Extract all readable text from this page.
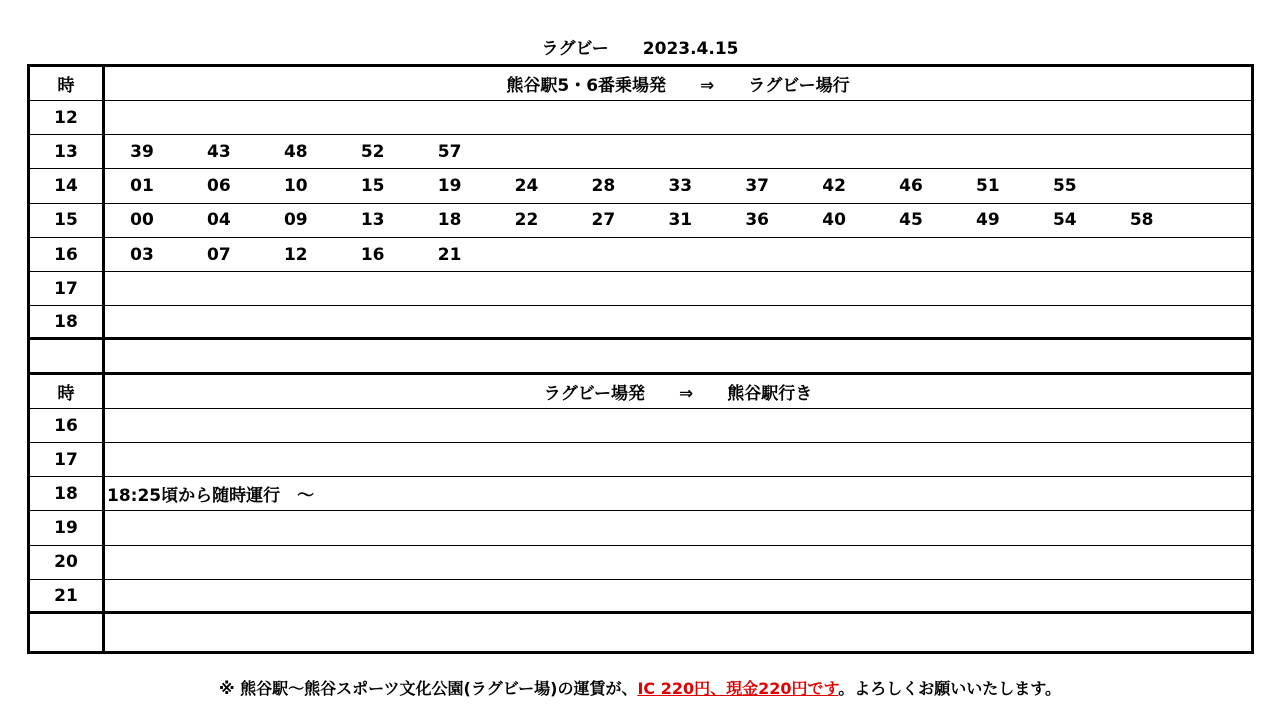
ラグビー　　2023.4.15
時	熊谷駅5・6番乗場発　　⇒　　ラグビー場行
12
13	39	43	48	52	57
14	01	06	10	15	19	24	28	33	37	42	46	51	55
15	00	04	09	13	18	22	27	31	36	40	45	49	54	58
16	03	07	12	16	21
17
18
時	ラグビー場発　　⇒　　熊谷駅行き
16
17
18	18:25頃から随時運行　～
19
20
21
※ 熊谷駅～熊谷スポーツ文化公園(ラグビー場)の運賃が、IC 220円、現金220円です。よろしくお願いいたします。
